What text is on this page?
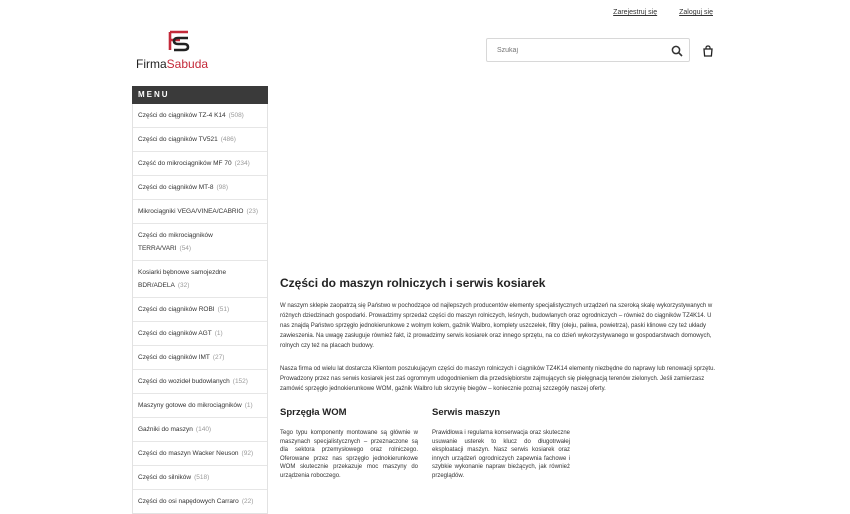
Zarejestruj się	Zaloguj się
FirmaSabuda
Szukaj
MENU
Części do ciągników TZ-4 K14 (508)
Części do ciągników TV521 (486)
Część do mikrociągników MF 70 (234)
Części do ciągników MT-8 (98)
Mikrociągniki VEGA/VINEA/CABRIO (23)
Części do mikrociągników TERRA/VARI (54)
Kosiarki bębnowe samojezdne BDR/ADELA (32)
Części do ciągników ROBI (51)
Części do ciągników AGT (1)
Części do ciągników IMT (27)
Części do wozideł budowlanych (152)
Maszyny gotowe do mikrociągników (1)
Gaźniki do maszyn (140)
Części do maszyn Wacker Neuson (92)
Części do silników (518)
Części do osi napędowych Carraro (22)
Części do maszyn rolniczych i serwis kosiarek

W naszym sklepie zaopatrzą się Państwo w pochodzące od najlepszych producentów elementy specjalistycznych urządzeń na szeroką skalę wykorzystywanych w różnych dziedzinach gospodarki. Prowadzimy sprzedaż części do maszyn rolniczych, leśnych, budowlanych oraz ogrodniczych – również do ciągników TZ4K14. U nas znajdą Państwo sprzęgło jednokierunkowe z wolnym kołem, gaźnik Walbro, komplety uszczelek, filtry (oleju, paliwa, powietrza), paski klinowe czy też układy zawieszenia. Na uwagę zasługuje również fakt, iż prowadzimy serwis kosiarek oraz innego sprzętu, na co dzień wykorzystywanego w gospodarstwach domowych, rolnych czy też na placach budowy.

Nasza firma od wielu lat dostarcza Klientom poszukującym części do maszyn rolniczych i ciągników TZ4K14 elementy niezbędne do naprawy lub renowacji sprzętu. Prowadzony przez nas serwis kosiarek jest zaś ogromnym udogodnieniem dla przedsiębiorstw zajmujących się pielęgnacją terenów zielonych. Jeśli zamierzasz zamówić sprzęgło jednokierunkowe WOM, gaźnik Walbro lub skrzynię biegów – koniecznie poznaj szczegóły naszej oferty.

Sprzęgła WOM

Tego typu komponenty montowane są głównie w maszynach specjalistycznych – przeznaczone są dla sektora przemysłowego oraz rolniczego. Oferowane przez nas sprzęgło jednokierunkowe WOM skutecznie przekazuje moc maszyny do urządzenia roboczego.

Serwis maszyn

Prawidłowa i regularna konserwacja oraz skuteczne usuwanie usterek to klucz do długotrwałej eksploatacji maszyn. Nasz serwis kosiarek oraz innych urządzeń ogrodniczych zapewnia fachowe i szybkie wykonanie napraw bieżących, jak również przeglądów.
